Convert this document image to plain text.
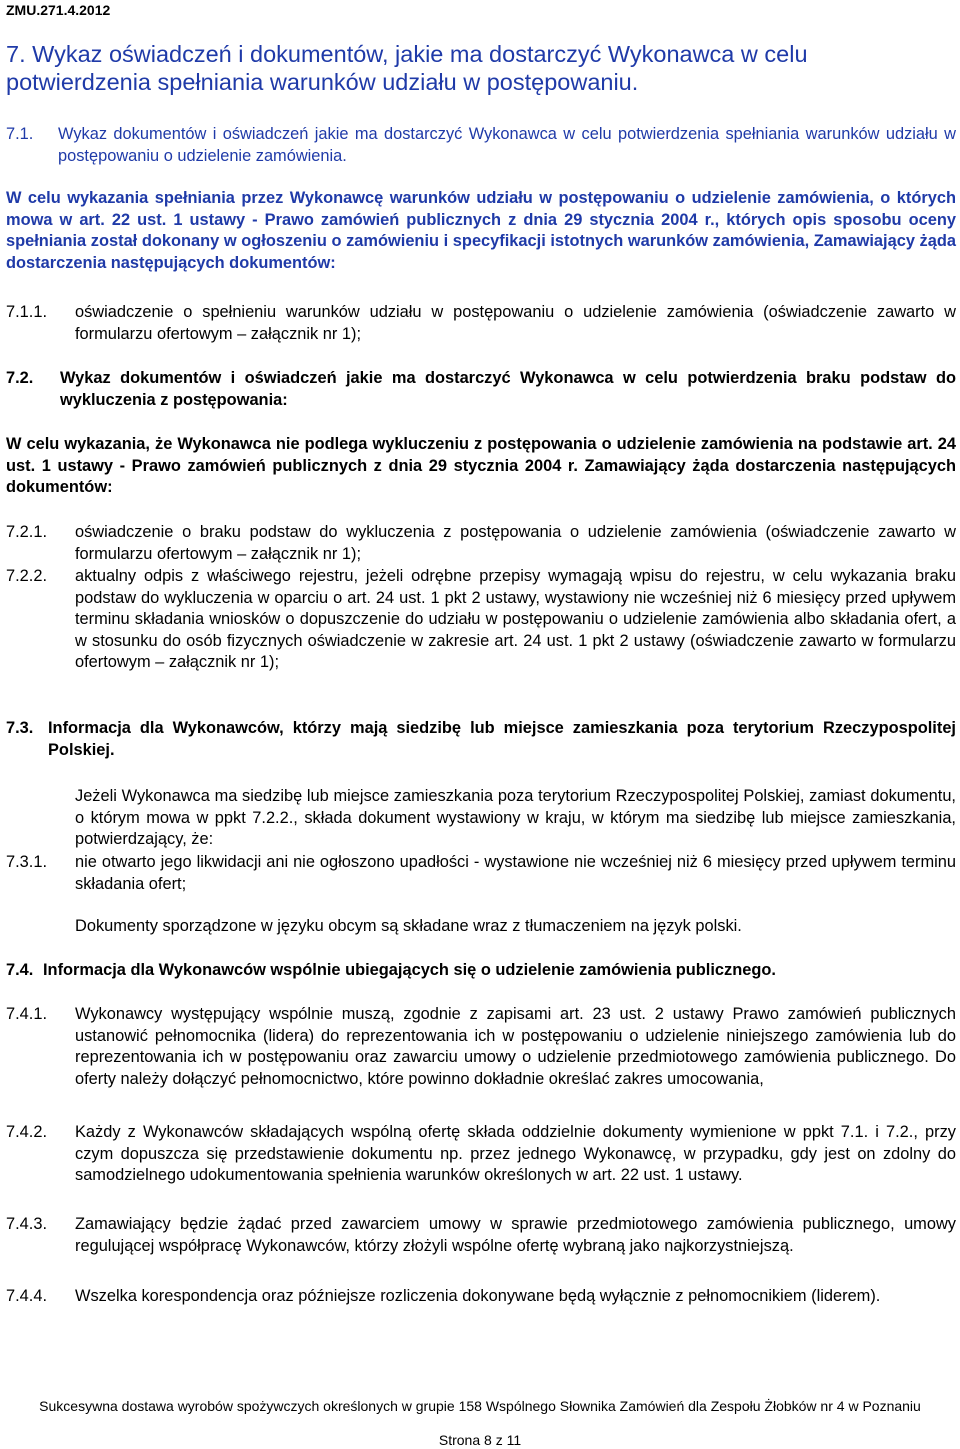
ZMU.271.4.2012
7. Wykaz oświadczeń i dokumentów, jakie ma dostarczyć Wykonawca w celu potwierdzenia spełniania warunków udziału w postępowaniu.
7.1. Wykaz dokumentów i oświadczeń jakie ma dostarczyć Wykonawca w celu potwierdzenia spełniania warunków udziału w postępowaniu o udzielenie zamówienia.
W celu wykazania spełniania przez Wykonawcę warunków udziału w postępowaniu o udzielenie zamówienia, o których mowa w art. 22 ust. 1 ustawy - Prawo zamówień publicznych z dnia 29 stycznia 2004 r., których opis sposobu oceny spełniania został dokonany w ogłoszeniu o zamówieniu i specyfikacji istotnych warunków zamówienia, Zamawiający żąda dostarczenia następujących dokumentów:
7.1.1. oświadczenie o spełnieniu warunków udziału w postępowaniu o udzielenie zamówienia (oświadczenie zawarto w formularzu ofertowym – załącznik nr 1);
7.2. Wykaz dokumentów i oświadczeń jakie ma dostarczyć Wykonawca w celu potwierdzenia braku podstaw do wykluczenia z postępowania:
W celu wykazania, że Wykonawca nie podlega wykluczeniu z postępowania o udzielenie zamówienia na podstawie art. 24 ust. 1 ustawy - Prawo zamówień publicznych z dnia 29 stycznia 2004 r. Zamawiający żąda dostarczenia następujących dokumentów:
7.2.1. oświadczenie o braku podstaw do wykluczenia z postępowania o udzielenie zamówienia (oświadczenie zawarto w formularzu ofertowym – załącznik nr 1);
7.2.2. aktualny odpis z właściwego rejestru, jeżeli odrębne przepisy wymagają wpisu do rejestru, w celu wykazania braku podstaw do wykluczenia w oparciu o art. 24 ust. 1 pkt 2 ustawy, wystawiony nie wcześniej niż 6 miesięcy przed upływem terminu składania wniosków o dopuszczenie do udziału w postępowaniu o udzielenie zamówienia albo składania ofert, a w stosunku do osób fizycznych oświadczenie w zakresie art. 24 ust. 1 pkt 2 ustawy (oświadczenie zawarto w formularzu ofertowym – załącznik nr 1);
7.3. Informacja dla Wykonawców, którzy mają siedzibę lub miejsce zamieszkania poza terytorium Rzeczypospolitej Polskiej.
Jeżeli Wykonawca ma siedzibę lub miejsce zamieszkania poza terytorium Rzeczypospolitej Polskiej, zamiast dokumentu, o którym mowa w ppkt 7.2.2., składa dokument wystawiony w kraju, w którym ma siedzibę lub miejsce zamieszkania, potwierdzający, że:
7.3.1. nie otwarto jego likwidacji ani nie ogłoszono upadłości - wystawione nie wcześniej niż 6 miesięcy przed upływem terminu składania ofert;
Dokumenty sporządzone w języku obcym są składane wraz z tłumaczeniem na język polski.
7.4. Informacja dla Wykonawców wspólnie ubiegających się o udzielenie zamówienia publicznego.
7.4.1. Wykonawcy występujący wspólnie muszą, zgodnie z zapisami art. 23 ust. 2 ustawy Prawo zamówień publicznych ustanowić pełnomocnika (lidera) do reprezentowania ich w postępowaniu o udzielenie niniejszego zamówienia lub do reprezentowania ich w postępowaniu oraz zawarciu umowy o udzielenie przedmiotowego zamówienia publicznego. Do oferty należy dołączyć pełnomocnictwo, które powinno dokładnie określać zakres umocowania,
7.4.2. Każdy z Wykonawców składających wspólną ofertę składa oddzielnie dokumenty wymienione w ppkt 7.1. i 7.2., przy czym dopuszcza się przedstawienie dokumentu np. przez jednego Wykonawcę, w przypadku, gdy jest on zdolny do samodzielnego udokumentowania spełnienia warunków określonych w art. 22 ust. 1 ustawy.
7.4.3. Zamawiający będzie żądać przed zawarciem umowy w sprawie przedmiotowego zamówienia publicznego, umowy regulującej współpracę Wykonawców, którzy złożyli wspólne ofertę wybraną jako najkorzystniejszą.
7.4.4. Wszelka korespondencja oraz późniejsze rozliczenia dokonywane będą wyłącznie z pełnomocnikiem (liderem).
Sukcesywna dostawa wyrobów spożywczych określonych w grupie 158 Wspólnego Słownika Zamówień dla Zespołu Żłobków nr 4 w Poznaniu
Strona 8 z 11
